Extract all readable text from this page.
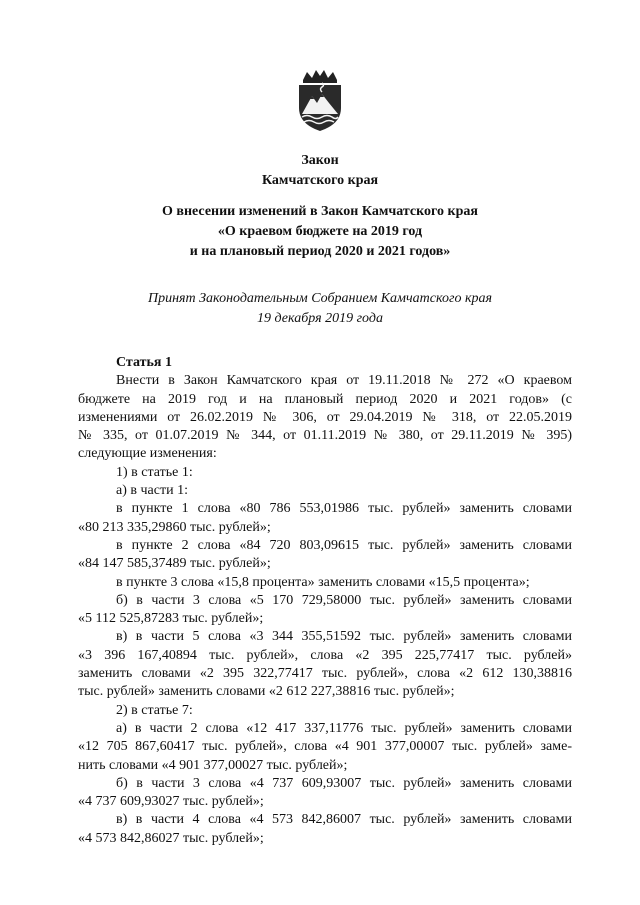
Закон
Камчатского края
О внесении изменений в Закон Камчатского края
«О краевом бюджете на 2019 год
и на плановый период 2020 и 2021 годов»
Принят Законодательным Собранием Камчатского края
19 декабря 2019 года
Статья 1
Внести в Закон Камчатского края от 19.11.2018 № 272 «О краевом
бюджете на 2019 год и на плановый период 2020 и 2021 годов» (с
изменениями от 26.02.2019 № 306, от 29.04.2019 № 318, от 22.05.2019
№ 335, от 01.07.2019 № 344, от 01.11.2019 № 380, от 29.11.2019 № 395)
следующие изменения:
1) в статье 1:
а) в части 1:
в пункте 1 слова «80 786 553,01986 тыс. рублей» заменить словами
«80 213 335,29860 тыс. рублей»;
в пункте 2 слова «84 720 803,09615 тыс. рублей» заменить словами
«84 147 585,37489 тыс. рублей»;
в пункте 3 слова «15,8 процента» заменить словами «15,5 процента»;
б) в части 3 слова «5 170 729,58000 тыс. рублей» заменить словами
«5 112 525,87283 тыс. рублей»;
в) в части 5 слова «3 344 355,51592 тыс. рублей» заменить словами
«3 396 167,40894 тыс. рублей», слова «2 395 225,77417 тыс. рублей»
заменить словами «2 395 322,77417 тыс. рублей», слова «2 612 130,38816
тыс. рублей» заменить словами «2 612 227,38816 тыс. рублей»;
2) в статье 7:
а) в части 2 слова «12 417 337,11776 тыс. рублей» заменить словами
«12 705 867,60417 тыс. рублей», слова «4 901 377,00007 тыс. рублей» заме-
нить словами «4 901 377,00027 тыс. рублей»;
б) в части 3 слова «4 737 609,93007 тыс. рублей» заменить словами
«4 737 609,93027 тыс. рублей»;
в) в части 4 слова «4 573 842,86007 тыс. рублей» заменить словами
«4 573 842,86027 тыс. рублей»;
